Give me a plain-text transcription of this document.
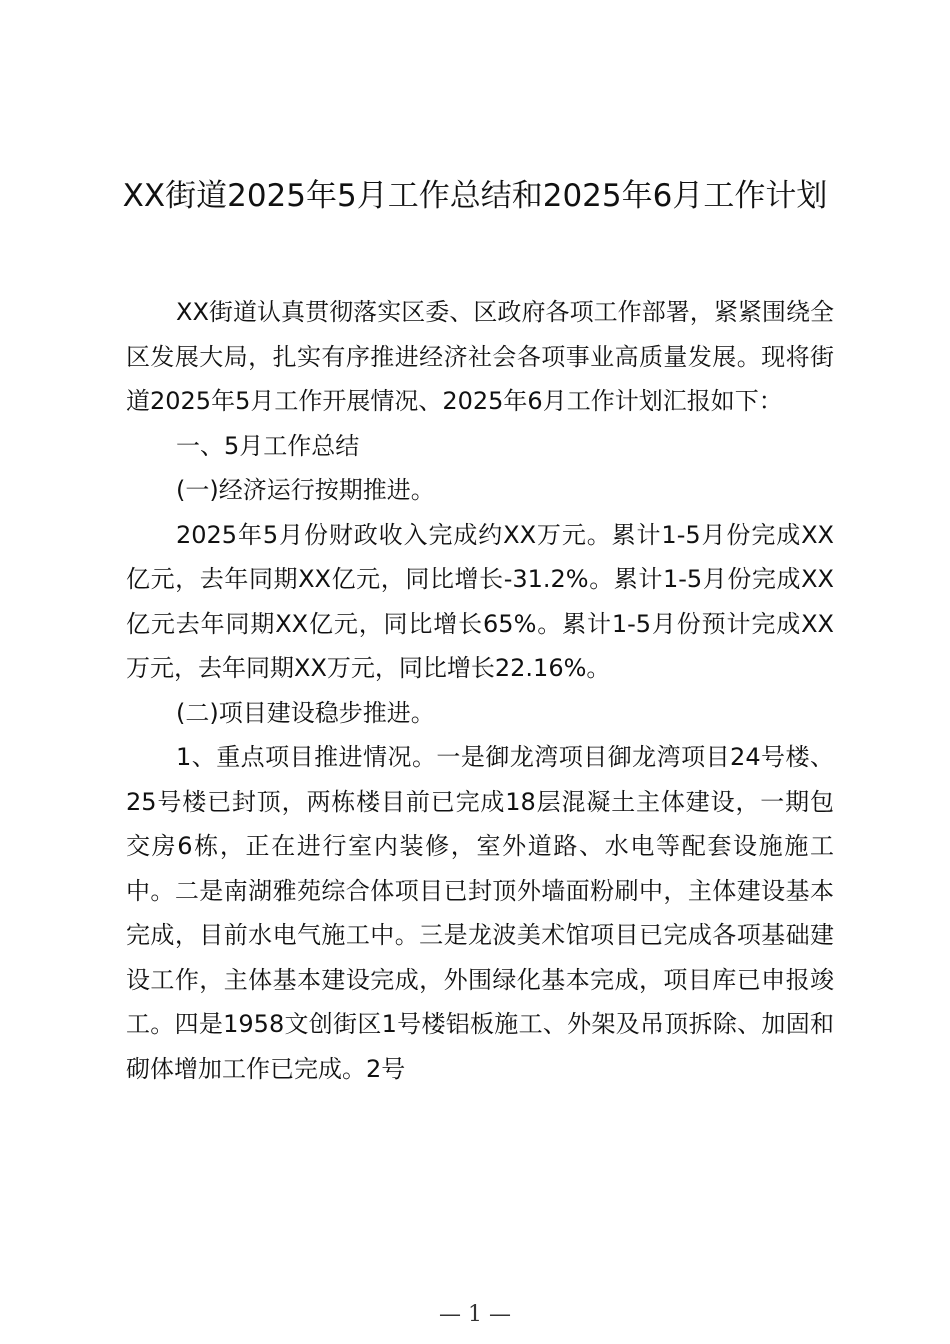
XX街道2025年5月工作总结和2025年6月工作计划

XX街道认真贯彻落实区委、区政府各项工作部署，紧紧围绕全区发展大局，扎实有序推进经济社会各项事业高质量发展。现将街道2025年5月工作开展情况、2025年6月工作计划汇报如下：

一、5月工作总结

(一)经济运行按期推进。

2025年5月份财政收入完成约XX万元。累计1-5月份完成XX亿元，去年同期XX亿元，同比增长-31.2%。累计1-5月份完成XX亿元去年同期XX亿元，同比增长65%。累计1-5月份预计完成XX万元，去年同期XX万元，同比增长22.16%。

(二)项目建设稳步推进。

1、重点项目推进情况。一是御龙湾项目御龙湾项目24号楼、25号楼已封顶，两栋楼目前已完成18层混凝土主体建设，一期包交房6栋，正在进行室内装修，室外道路、水电等配套设施施工中。二是南湖雅苑综合体项目已封顶外墙面粉刷中，主体建设基本完成，目前水电气施工中。三是龙波美术馆项目已完成各项基础建设工作，主体基本建设完成，外围绿化基本完成，项目库已申报竣工。四是1958文创街区1号楼铝板施工、外架及吊顶拆除、加固和砌体增加工作已完成。2号

— 1 —
